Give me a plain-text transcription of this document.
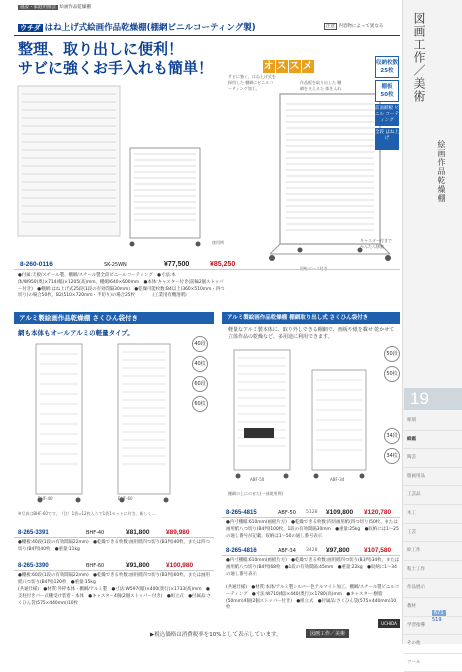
施設・家庭用園芸 絵画作品乾燥棚
ウチダ はね上げ式絵画作品乾燥棚(棚網ビニルコーティング製)	注意 内容物によって異なる
整理、取り出しに便利！
サビに強くお手入れも簡単！	オ ス ス メ
サビに強く、はね上げ式を採用した 棚網にビニルコーティング加工。
作品板を取り出した 棚網を支えるた 体を入れ
使用例
回転ベース付き
キャスター付きで かんたん移動
収納枚数
25枚
棚板
50枚
前面網板 ビニル コーティング
全段 はね上げ
8-260-0116	SK-25WN	¥77,500	¥85,250
●付属:天板/スチール製、棚網/スチール製全段ビニールコーティング　●寸法:本体/W950(奥)×714(幅)×1205(高)mm、棚網/640×600mm　●本体:キャスター付き(前輪2個ストッパー付き)　●棚網:はね上げ式25段(1段の有効間隔30mm)　●乾燥可能枚数:B4以上(360×510mm・四つ切り)の場合50枚、B2(510×720mm・半切り)の場合25枚　　　　(工業用有機溶剤)
アルミ製絵画作品乾燥棚 さくひん袋付き
網も本体もオールアルミの軽量タイプ。
BHF-40	BHF-60
40段
40枚
60段
60枚
※写真はBHF-60です。（注）1袋=12枚入りで1袋1セットに付き、新しく…
8-265-3391	BHF-40	¥81,800	¥89,980
●棚板:40段(1段の有効間隔22mm)　●乾燥できる枚数:画用紙四つ切り(B3判)40枚、または四つ切り(B4判)40枚　●重量:11kg
8-265-3390	BHF-60	¥91,800	¥100,980
●棚板:60段(1段の有効間隔22mm)　●乾燥できる枚数:画用紙四つ切り(B3判)60枚、または画用紙八つ切り(B4判)120枚　●重量:15kg
(共通仕様)　●材質:外枠本体・棚網/アルミ製　●寸法:W597(幅)×400(奥行)×1733(高)mm　●支柱付きバー式棚受け装着・本体　●キャスター4個(2個ストッパー付き)　●組立式　●付属品:さくひん袋(575×440mm)10枚
アルミ製絵画作品乾燥棚 棚網取り出し式 さくひん袋付き
軽量なアルミ製本体に、取り外しできる棚網で、画板や紙を載せ 乾かせて立体作品の乾燥など、多用途に利用できます。
ABF-50	ABF-34
棚網の上にのせた(一部使用例)
50段
50枚
34段
34枚
8-265-4815	ABF-50 5128 ¥109,800 ¥120,780
●内寸棚幅:610mm(画板片方)　●乾燥できる枚数:四切画用紙(四つ切り)50枚、または画用紙八つ切り(B4判)100枚、1段の有効間隔30mm　●重量:25kg　●収納には1〜25の通し番号が記載、収納は1〜50の通し番号表示
8-265-4816	ABF-34 3428 ¥97,800 ¥107,580
●内寸棚幅:610mm(画板片方)　●乾燥できる枚数:画用紙四つ切り(B3判)34枚、または画用紙八つ切り(B4判)68枚　●1段の有効間隔:45mm　●重量:22kg　●収納に1〜34の通し番号表示
(共通仕様)　●材質:本体/アルミ製シルバー色アルマイト加工、棚網/スチール製ビニルコーティング　●寸法:W710(幅)×440(奥行)×1780(高)mm　●キャスター:樹脂(50mm)4個(2個ストッパー付き)　●組立式　●付属品:さくひん袋(575×440mm)10枚
▶税込価格は消費税率を10%として表示しています。	図画工作／美術
UCHIDA
図画工作／美術
絵画作品乾燥棚
19
彫刻
絵画
陶芸
版画用品
工芸品
木工
工芸
絵工作
粘土工作
作品展示
教材
学習指導
その他
ツール
671
519
